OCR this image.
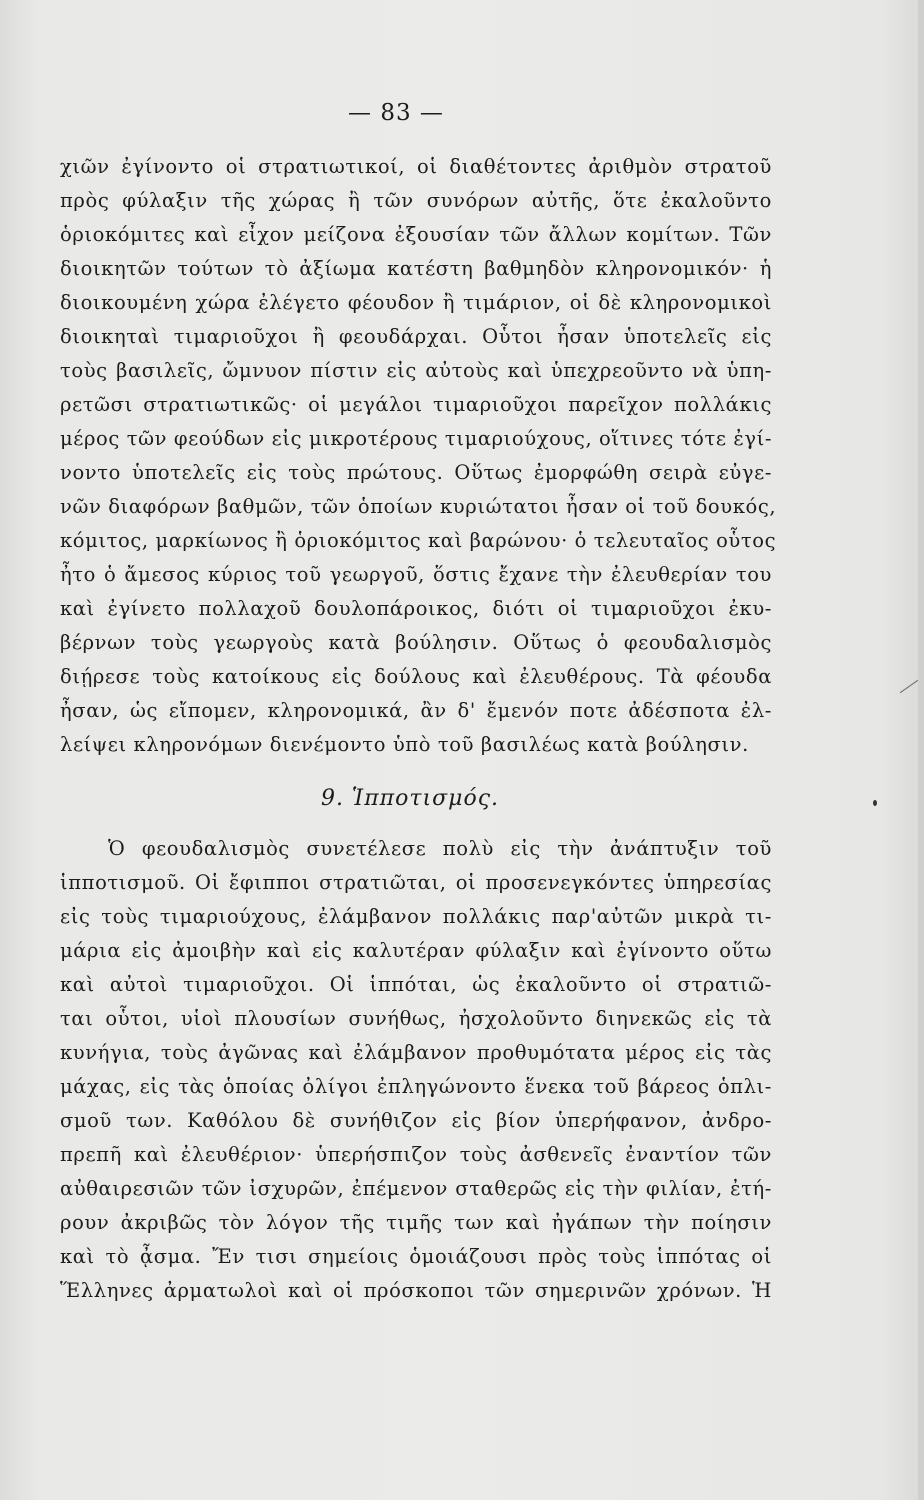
— 83 —
χιῶν ἐγίνοντο οἱ στρατιωτικοί, οἱ διαθέτοντες ἀριθμὸν στρατοῦ
πρὸς φύλαξιν τῆς χώρας ἢ τῶν συνόρων αὐτῆς, ὅτε ἐκαλοῦντο
ὁριοκόμιτες καὶ εἶχον μείζονα ἐξουσίαν τῶν ἄλλων κομίτων. Τῶν
διοικητῶν τούτων τὸ ἀξίωμα κατέστη βαθμηδὸν κληρονομικόν· ἡ
διοικουμένη χώρα ἐλέγετο φέουδον ἢ τιμάριον, οἱ δὲ κληρονομικοὶ
διοικηταὶ τιμαριοῦχοι ἢ φεουδάρχαι. Οὗτοι ἦσαν ὑποτελεῖς εἰς
τοὺς βασιλεῖς, ὤμνυον πίστιν εἰς αὐτοὺς καὶ ὑπεχρεοῦντο νὰ ὑπη-
ρετῶσι στρατιωτικῶς· οἱ μεγάλοι τιμαριοῦχοι παρεῖχον πολλάκις
μέρος τῶν φεούδων εἰς μικροτέρους τιμαριούχους, οἵτινες τότε ἐγί-
νοντο ὑποτελεῖς εἰς τοὺς πρώτους. Οὕτως ἐμορφώθη σειρὰ εὐγε-
νῶν διαφόρων βαθμῶν, τῶν ὁποίων κυριώτατοι ἦσαν οἱ τοῦ δουκός,
κόμιτος, μαρκίωνος ἢ ὁριοκόμιτος καὶ βαρώνου· ὁ τελευταῖος οὗτος
ἦτο ὁ ἄμεσος κύριος τοῦ γεωργοῦ, ὅστις ἔχανε τὴν ἐλευθερίαν του
καὶ ἐγίνετο πολλαχοῦ δουλοπάροικος, διότι οἱ τιμαριοῦχοι ἐκυ-
βέρνων τοὺς γεωργοὺς κατὰ βούλησιν. Οὕτως ὁ φεουδαλισμὸς
διῄρεσε τοὺς κατοίκους εἰς δούλους καὶ ἐλευθέρους. Τὰ φέουδα
ἦσαν, ὡς εἴπομεν, κληρονομικά, ἂν δ' ἔμενόν ποτε ἀδέσποτα ἐλ-
λείψει κληρονόμων διενέμοντο ὑπὸ τοῦ βασιλέως κατὰ βούλησιν.
9. Ἱπποτισμός.
Ὁ φεουδαλισμὸς συνετέλεσε πολὺ εἰς τὴν ἀνάπτυξιν τοῦ
ἱπποτισμοῦ. Οἱ ἔφιπποι στρατιῶται, οἱ προσενεγκόντες ὑπηρεσίας
εἰς τοὺς τιμαριούχους, ἐλάμβανον πολλάκις παρ'αὐτῶν μικρὰ τι-
μάρια εἰς ἀμοιβὴν καὶ εἰς καλυτέραν φύλαξιν καὶ ἐγίνοντο οὕτω
καὶ αὐτοὶ τιμαριοῦχοι. Οἱ ἱππόται, ὡς ἐκαλοῦντο οἱ στρατιῶ-
ται οὗτοι, υἱοὶ πλουσίων συνήθως, ἠσχολοῦντο διηνεκῶς εἰς τὰ
κυνήγια, τοὺς ἀγῶνας καὶ ἐλάμβανον προθυμότατα μέρος εἰς τὰς
μάχας, εἰς τὰς ὁποίας ὀλίγοι ἐπληγώνοντο ἕνεκα τοῦ βάρεος ὁπλι-
σμοῦ των. Καθόλου δὲ συνήθιζον εἰς βίον ὑπερήφανον, ἀνδρο-
πρεπῆ καὶ ἐλευθέριον· ὑπερήσπιζον τοὺς ἀσθενεῖς ἐναντίον τῶν
αὐθαιρεσιῶν τῶν ἰσχυρῶν, ἐπέμενον σταθερῶς εἰς τὴν φιλίαν, ἐτή-
ρουν ἀκριβῶς τὸν λόγον τῆς τιμῆς των καὶ ἠγάπων τὴν ποίησιν
καὶ τὸ ᾆσμα. Ἔν τισι σημείοις ὁμοιάζουσι πρὸς τοὺς ἱππότας οἱ
Ἕλληνες ἀρματωλοὶ καὶ οἱ πρόσκοποι τῶν σημερινῶν χρόνων. Ἡ
